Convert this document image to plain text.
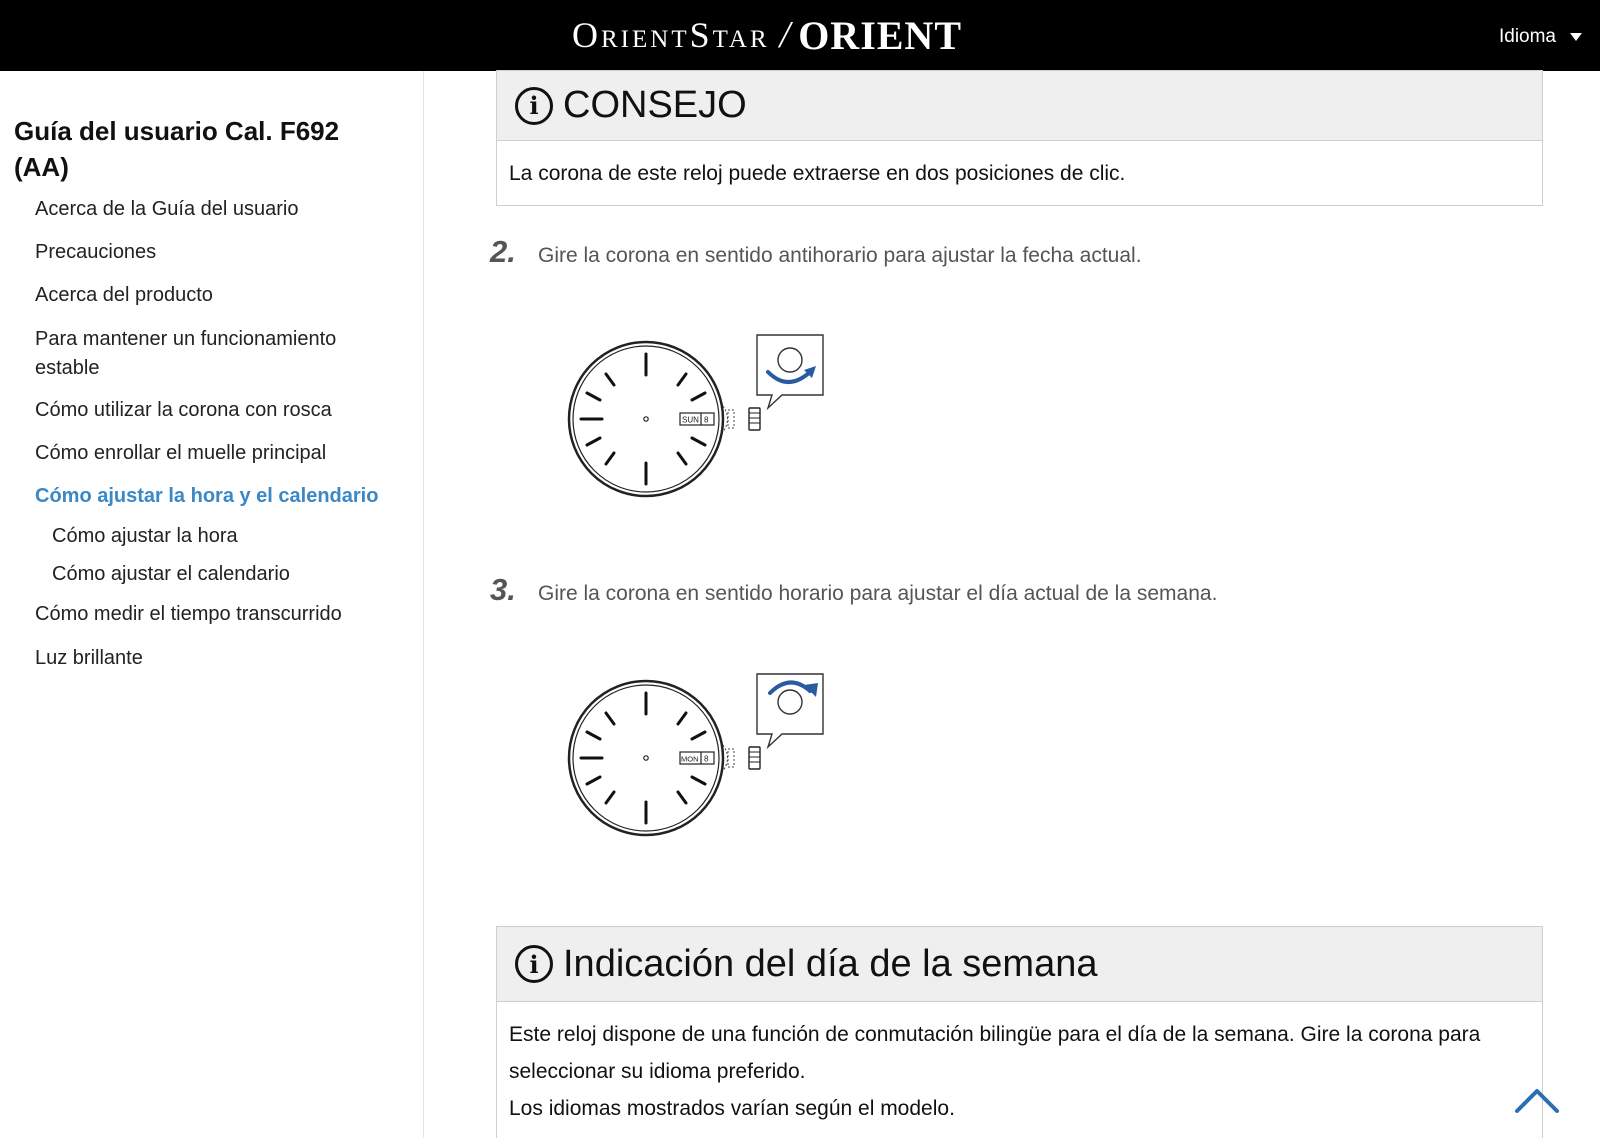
OrientStar / ORIENT	Idioma
Guía del usuario Cal. F692 (AA)
Acerca de la Guía del usuario
Precauciones
Acerca del producto
Para mantener un funcionamiento estable
Cómo utilizar la corona con rosca
Cómo enrollar el muelle principal
Cómo ajustar la hora y el calendario
Cómo ajustar la hora
Cómo ajustar el calendario
Cómo medir el tiempo transcurrido
Luz brillante
i CONSEJO
La corona de este reloj puede extraerse en dos posiciones de clic.
2.	Gire la corona en sentido antihorario para ajustar la fecha actual.
SUN 8
3.	Gire la corona en sentido horario para ajustar el día actual de la semana.
MON 8
i Indicación del día de la semana
Este reloj dispone de una función de conmutación bilingüe para el día de la semana. Gire la corona para seleccionar su idioma preferido.
Los idiomas mostrados varían según el modelo.
